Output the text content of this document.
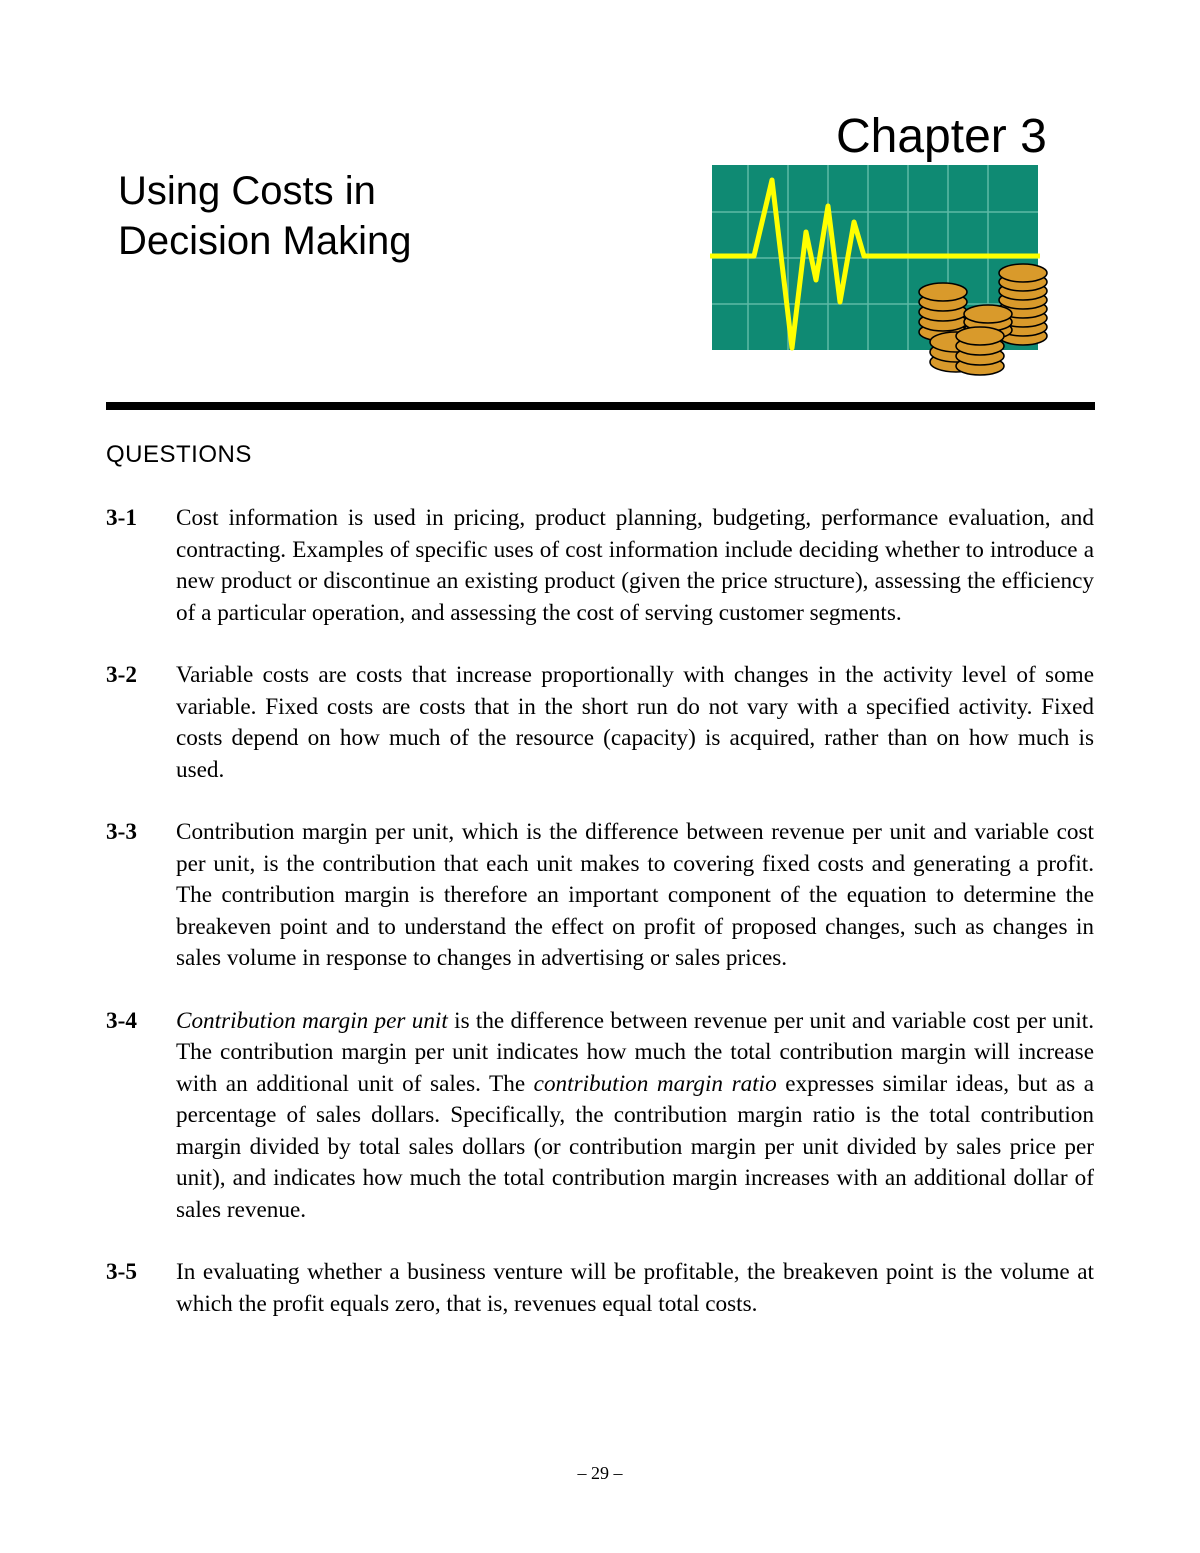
Chapter 3
Using Costs in
Decision Making
QUESTIONS
3-1 Cost information is used in pricing, product planning, budgeting, performance evaluation, and contracting. Examples of specific uses of cost information include deciding whether to introduce a new product or discontinue an existing product (given the price structure), assessing the efficiency of a particular operation, and assessing the cost of serving customer segments.
3-2 Variable costs are costs that increase proportionally with changes in the activity level of some variable. Fixed costs are costs that in the short run do not vary with a specified activity. Fixed costs depend on how much of the resource (capacity) is acquired, rather than on how much is used.
3-3 Contribution margin per unit, which is the difference between revenue per unit and variable cost per unit, is the contribution that each unit makes to covering fixed costs and generating a profit. The contribution margin is therefore an important component of the equation to determine the breakeven point and to understand the effect on profit of proposed changes, such as changes in sales volume in response to changes in advertising or sales prices.
3-4 Contribution margin per unit is the difference between revenue per unit and variable cost per unit. The contribution margin per unit indicates how much the total contribution margin will increase with an additional unit of sales. The contribution margin ratio expresses similar ideas, but as a percentage of sales dollars. Specifically, the contribution margin ratio is the total contribution margin divided by total sales dollars (or contribution margin per unit divided by sales price per unit), and indicates how much the total contribution margin increases with an additional dollar of sales revenue.
3-5 In evaluating whether a business venture will be profitable, the breakeven point is the volume at which the profit equals zero, that is, revenues equal total costs.
– 29 –
